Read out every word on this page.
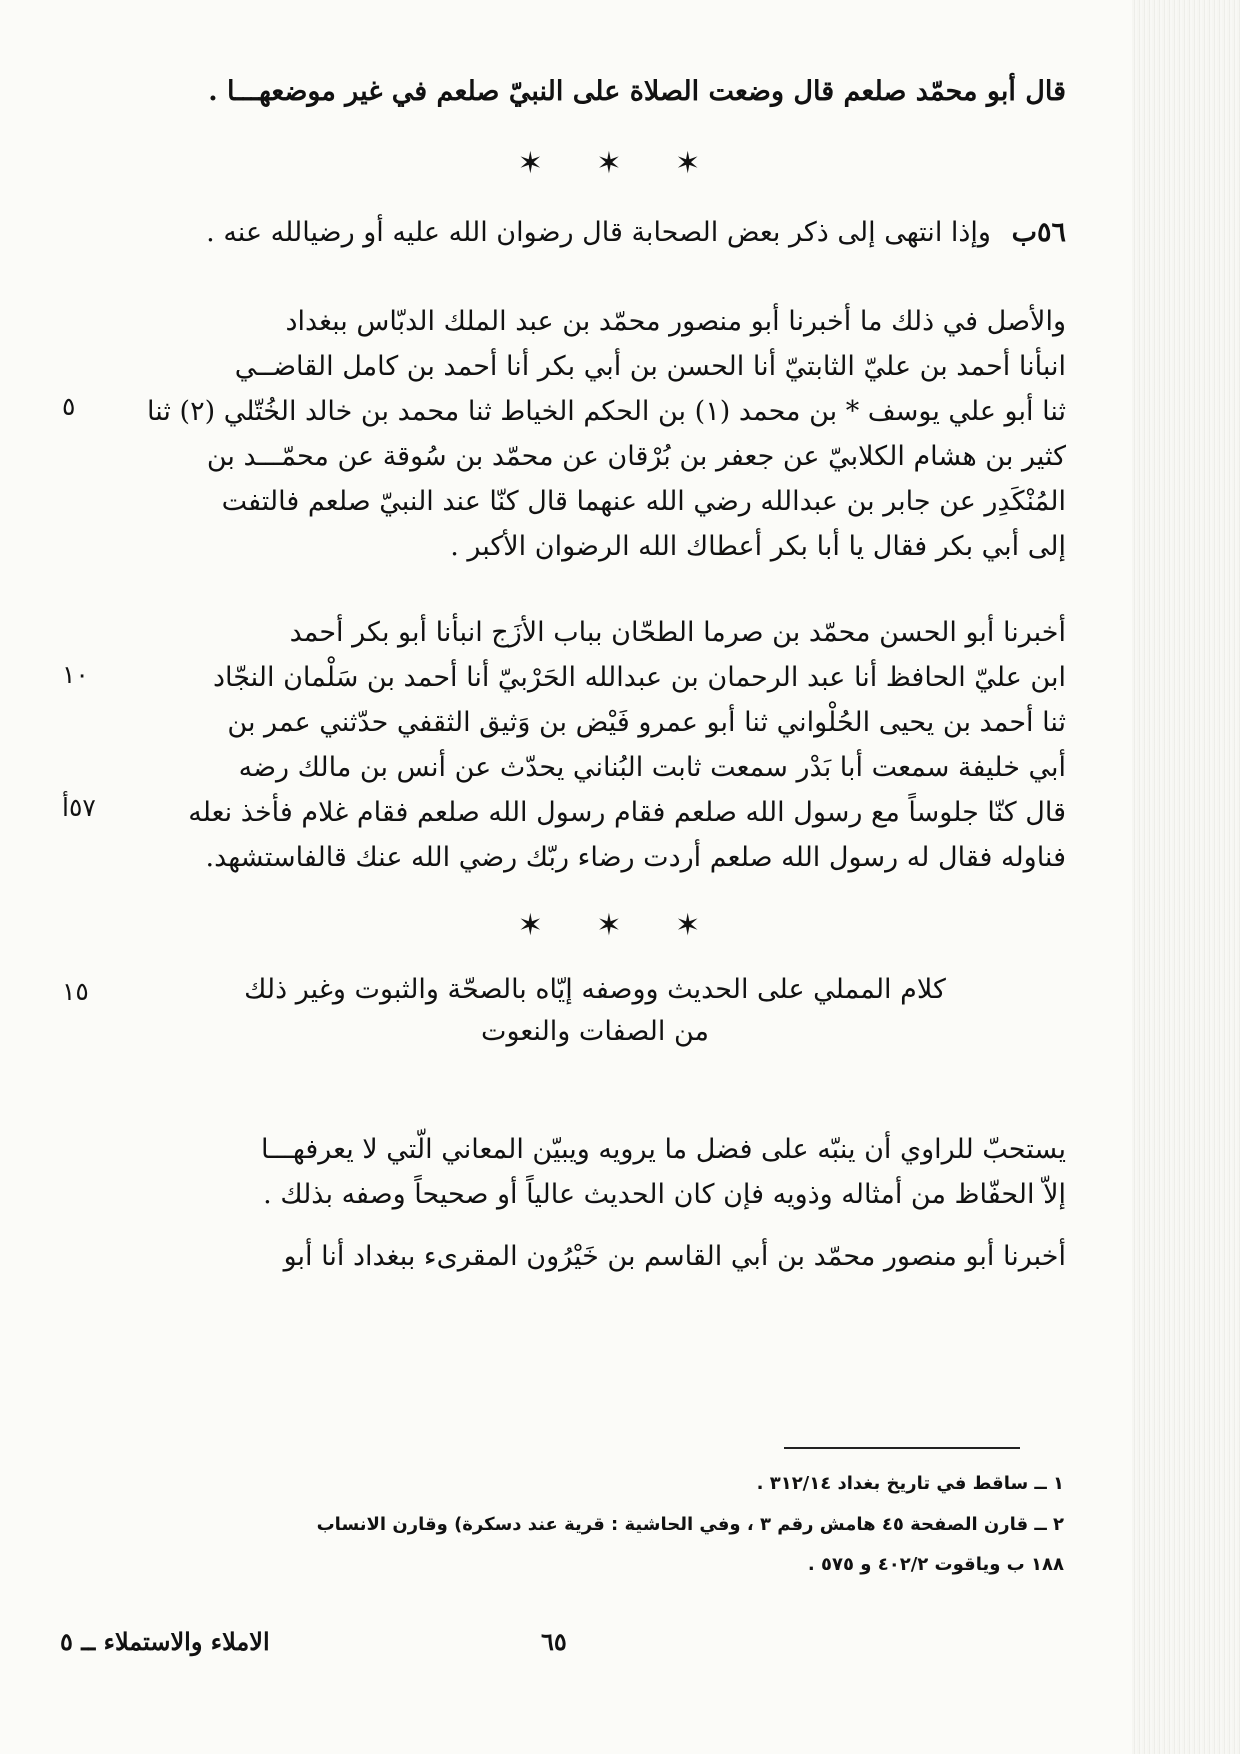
قال أبو محمّد صلعم قال وضعت الصلاة على النبيّ صلعم في غير موضعهـــا .
✶ ✶ ✶
٥٦ب وإذا انتهى إلى ذكر بعض الصحابة قال رضوان الله عليه أو رضيالله عنه .
والأصل في ذلك ما أخبرنا أبو منصور محمّد بن عبد الملك الدبّاس ببغداد
انبأنا أحمد بن عليّ الثابتيّ أنا الحسن بن أبي بكر أنا أحمد بن كامل القاضــي
ثنا أبو علي يوسف * بن محمد (١) بن الحكم الخياط ثنا محمد بن خالد الخُتّلي (٢) ثنا
كثير بن هشام الكلابيّ عن جعفر بن بُرْقان عن محمّد بن سُوقة عن محمّـــد بن
المُنْكَدِر عن جابر بن عبدالله رضي الله عنهما قال كنّا عند النبيّ صلعم فالتفت
إلى أبي بكر فقال يا أبا بكر أعطاك الله الرضوان الأكبر .
٥
أخبرنا أبو الحسن محمّد بن صرما الطحّان بباب الأزَج انبأنا أبو بكر أحمد
ابن عليّ الحافظ أنا عبد الرحمان بن عبدالله الحَرْبيّ أنا أحمد بن سَلْمان النجّاد
ثنا أحمد بن يحيى الحُلْواني ثنا أبو عمرو فَيْض بن وَثيق الثقفي حدّثني عمر بن
أبي خليفة سمعت أبا بَدْر سمعت ثابت البُناني يحدّث عن أنس بن مالك رضه
قال كنّا جلوساً مع رسول الله صلعم فقام رسول الله صلعم فقام غلام فأخذ نعله
فناوله فقال له رسول الله صلعم أردت رضاء ربّك رضي الله عنك قالفاستشهد.
١٠
٥٧أ
✶ ✶ ✶
كلام المملي على الحديث ووصفه إيّاه بالصحّة والثبوت وغير ذلك
من الصفات والنعوت
١٥
يستحبّ للراوي أن ينبّه على فضل ما يرويه ويبيّن المعاني الّتي لا يعرفهـــا
إلاّ الحفّاظ من أمثاله وذويه فإن كان الحديث عالياً أو صحيحاً وصفه بذلك .
أخبرنا أبو منصور محمّد بن أبي القاسم بن خَيْرُون المقرىء ببغداد أنا أبو
١ ــ ساقط في تاريخ بغداد ٣١٢/١٤ .
٢ ــ قارن الصفحة ٤٥ هامش رقم ٣ ، وفي الحاشية : قرية عند دسكرة) وقارن الانساب
١٨٨ ب وياقوت ٤٠٢/٢ و ٥٧٥ .
٦٥
الاملاء والاستملاء ــ ٥
